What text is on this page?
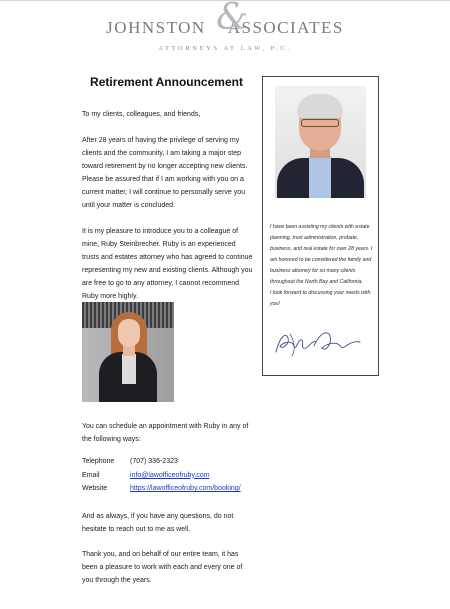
JOHNSTON ASSOCIATES
&
ATTORNEYS AT LAW, P.C.
Retirement Announcement
To my clients, colleagues, and friends,
After 28 years of having the privilege of serving my clients and the community, I am taking a major step toward retirement by no longer accepting new clients. Please be assured that if I am working with you on a current matter, I will continue to personally serve you until your matter is concluded.
It is my pleasure to introduce you to a colleague of mine, Ruby Steinbrecher. Ruby is an experienced trusts and estates attorney who has agreed to continue representing my new and existing clients. Although you are free to go to any attorney, I cannot recommend Ruby more highly.
You can schedule an appointment with Ruby in any of the following ways:
Telephone	(707) 336-2323
Email	info@lawofficeofruby.com
Website	https://lawofficeofruby.com/booking/
And as always, if you have any questions, do not hesitate to reach out to me as well.
Thank you, and on behalf of our entire team, it has been a pleasure to work with each and every one of you through the years.

I have been assisting my clients with estate planning, trust administration, probate, business, and real estate for over 28 years. I am honored to be considered the family and business attorney for so many clients throughout the North Bay and California.

I look forward to discussing your needs with you!
